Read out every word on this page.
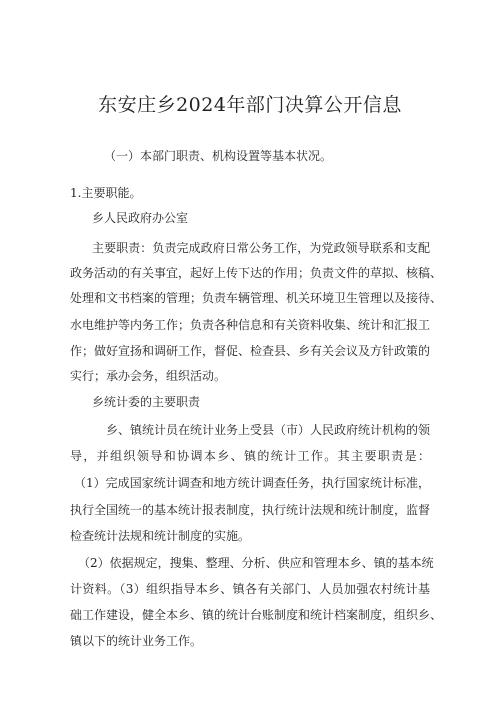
东安庄乡2024年部门决算公开信息
（一）本部门职责、机构设置等基本状况。
1.主要职能。
乡人民政府办公室
主要职责：负责完成政府日常公务工作，为党政领导联系和支配
政务活动的有关事宜，起好上传下达的作用；负责文件的草拟、核稿、
处理和文书档案的管理；负责车辆管理、机关环境卫生管理以及接待、
水电维护等内务工作；负责各种信息和有关资料收集、统计和汇报工
作；做好宣扬和调研工作，督促、检查县、乡有关会议及方针政策的
实行；承办会务，组织活动。
乡统计委的主要职责
乡、镇统计员在统计业务上受县（市）人民政府统计机构的领
导，并组织领导和协调本乡、镇的统计工作。其主要职责是：
（1）完成国家统计调查和地方统计调查任务，执行国家统计标准，
执行全国统一的基本统计报表制度，执行统计法规和统计制度，监督
检查统计法规和统计制度的实施。
（2）依据规定，搜集、整理、分析、供应和管理本乡、镇的基本统
计资料。（3）组织指导本乡、镇各有关部门、人员加强农村统计基
础工作建设，健全本乡、镇的统计台账制度和统计档案制度，组织乡、
镇以下的统计业务工作。
